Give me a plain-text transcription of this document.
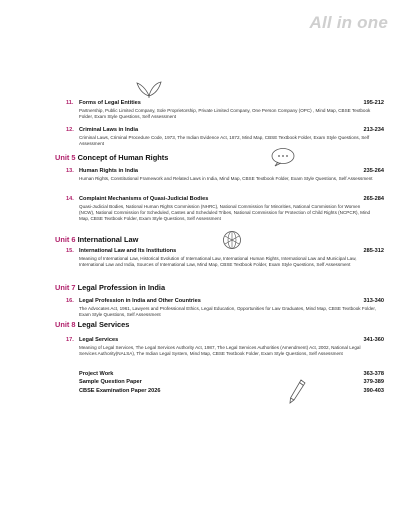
All in one
11. Forms of Legal Entities	195-212
Partnership, Public Limited Company, Sole Proprietorship, Private Limited Company, One Person Company (OPC) , Mind Map, CBSE Textbook Folder, Exam Style Questions, Self Assessment
12. Criminal Laws in India	213-234
Criminal Laws, Criminal Procedure Code, 1973, The Indian Evidence Act, 1872, Mind Map, CBSE Textbook Folder, Exam Style Questions, Self Assessment
Unit 5 Concept of Human Rights
13. Human Rights in India	235-264
Human Rights, Constitutional Framework and Related Laws in India, Mind Map, CBSE Textbook Folder, Exam Style Questions, Self Assessment
14. Complaint Mechanisms of Quasi-Judicial Bodies	265-284
Quasi-Judicial Bodies, National Human Rights Commission (NHRC), National Commission for Minorities, National Commission for Women (NCW), National Commission for Scheduled, Castes and Scheduled Tribes, National Commission for Protection of Child Rights (NCPCR), Mind Map, CBSE Textbook Folder, Exam Style Questions, Self Assessment
Unit 6 International Law
15. International Law and Its Institutions	285-312
Meaning of International Law, Historical Evolution of International Law, International Human Rights, International Law and Municipal Law, International Law and India, Sources of International Law, Mind Map, CBSE Textbook Folder, Exam Style Questions, Self Assessment
Unit 7 Legal Profession in India
16. Legal Profession in India and Other Countries	313-340
The Advocates Act, 1961, Lawyers and Professional Ethics, Legal Education, Opportunities for Law Graduates, Mind Map, CBSE Textbook Folder, Exam Style Questions, Self Assessment
Unit 8 Legal Services
17. Legal Services	341-360
Meaning of Legal Services, The Legal Services Authority Act, 1987, The Legal Services Authorities (Amendment) Act, 2002, National Legal Services Authority(NALSA), The Indian Legal System, Mind Map, CBSE Textbook Folder, Exam Style Questions, Self Assessment
Project Work	363-378
Sample Question Paper	379-389
CBSE Examination Paper 2026	390-403
